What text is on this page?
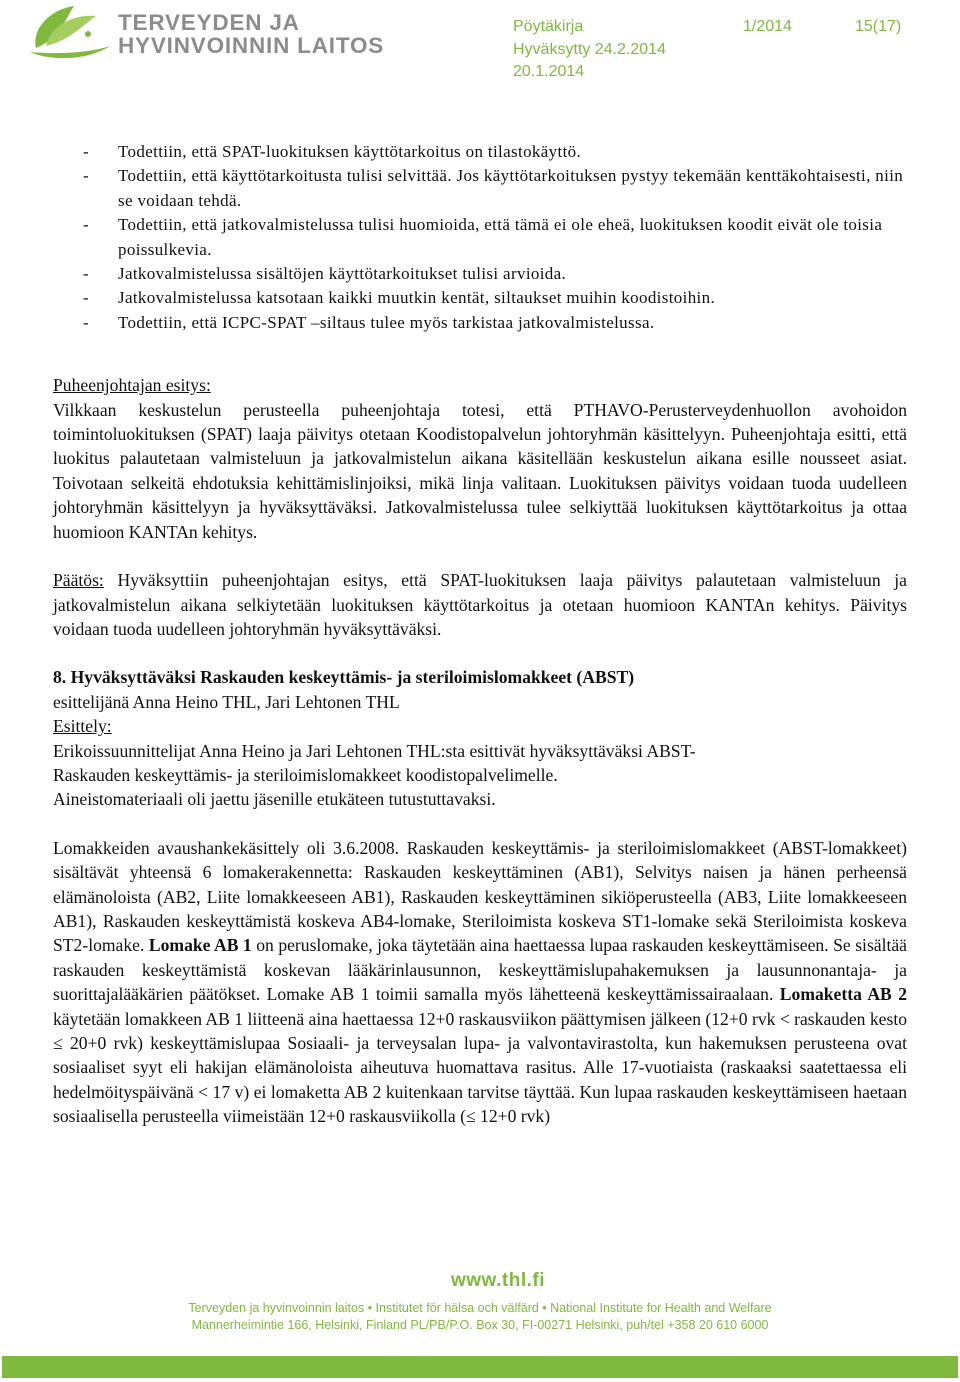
TERVEYDEN JA
HYVINVOINNIN LAITOS
Pöytäkirja
Hyväksytty 24.2.2014
20.1.2014
1/2014	15(17)
- Todettiin, että SPAT-luokituksen käyttötarkoitus on tilastokäyttö.
- Todettiin, että käyttötarkoitusta tulisi selvittää. Jos käyttötarkoituksen pystyy tekemään kenttäkohtaisesti, niin se voidaan tehdä.
- Todettiin, että jatkovalmistelussa tulisi huomioida, että tämä ei ole eheä, luokituksen koodit eivät ole toisia poissulkevia.
- Jatkovalmistelussa sisältöjen käyttötarkoitukset tulisi arvioida.
- Jatkovalmistelussa katsotaan kaikki muutkin kentät, siltaukset muihin koodistoihin.
- Todettiin, että ICPC-SPAT –siltaus tulee myös tarkistaa jatkovalmistelussa.

Puheenjohtajan esitys:
Vilkkaan keskustelun perusteella puheenjohtaja totesi, että PTHAVO-Perusterveydenhuollon avohoidon toimintoluokituksen (SPAT) laaja päivitys otetaan Koodistopalvelun johtoryhmän käsittelyyn. Puheenjohtaja esitti, että luokitus palautetaan valmisteluun ja jatkovalmistelun aikana käsitellään keskustelun aikana esille nousseet asiat. Toivotaan selkeitä ehdotuksia kehittämislinjoiksi, mikä linja valitaan. Luokituksen päivitys voidaan tuoda uudelleen johtoryhmän käsittelyyn ja hyväksyttäväksi. Jatkovalmistelussa tulee selkiyttää luokituksen käyttötarkoitus ja ottaa huomioon KANTAn kehitys.

Päätös: Hyväksyttiin puheenjohtajan esitys, että SPAT-luokituksen laaja päivitys palautetaan valmisteluun ja jatkovalmistelun aikana selkiytetään luokituksen käyttötarkoitus ja otetaan huomioon KANTAn kehitys. Päivitys voidaan tuoda uudelleen johtoryhmän hyväksyttäväksi.

8. Hyväksyttäväksi Raskauden keskeyttämis- ja steriloimislomakkeet (ABST)
esittelijänä Anna Heino THL, Jari Lehtonen THL
Esittely:
Erikoissuunnittelijat Anna Heino ja Jari Lehtonen THL:sta esittivät hyväksyttäväksi ABST-
Raskauden keskeyttämis- ja steriloimislomakkeet koodistopalvelimelle.
Aineistomateriaali oli jaettu jäsenille etukäteen tutustuttavaksi.

Lomakkeiden avaushankekäsittely oli 3.6.2008. Raskauden keskeyttämis- ja steriloimislomakkeet (ABST-lomakkeet) sisältävät yhteensä 6 lomakerakennetta: Raskauden keskeyttäminen (AB1), Selvitys naisen ja hänen perheensä elämänoloista (AB2, Liite lomakkeeseen AB1), Raskauden keskeyttäminen sikiöperusteella (AB3, Liite lomakkeeseen AB1), Raskauden keskeyttämistä koskeva AB4-lomake, Steriloimista koskeva ST1-lomake sekä Steriloimista koskeva ST2-lomake. Lomake AB 1 on peruslomake, joka täytetään aina haettaessa lupaa raskauden keskeyttämiseen. Se sisältää raskauden keskeyttämistä koskevan lääkärinlausunnon, keskeyttämislupahakemuksen ja lausunnonantaja- ja suorittajalääkärien päätökset. Lomake AB 1 toimii samalla myös lähetteenä keskeyttämissairaalaan. Lomaketta AB 2 käytetään lomakkeen AB 1 liitteenä aina haettaessa 12+0 raskausviikon päättymisen jälkeen (12+0 rvk < raskauden kesto ≤ 20+0 rvk) keskeyttämislupaa Sosiaali- ja terveysalan lupa- ja valvontavirastolta, kun hakemuksen perusteena ovat sosiaaliset syyt eli hakijan elämänoloista aiheutuva huomattava rasitus. Alle 17-vuotiaista (raskaaksi saatettaessa eli hedelmöityspäivänä < 17 v) ei lomaketta AB 2 kuitenkaan tarvitse täyttää. Kun lupaa raskauden keskeyttämiseen haetaan sosiaalisella perusteella viimeistään 12+0 raskausviikolla (≤ 12+0 rvk)

www.thl.fi
Terveyden ja hyvinvoinnin laitos • Institutet för hälsa och välfärd • National Institute for Health and Welfare
Mannerheimintie 166, Helsinki, Finland PL/PB/P.O. Box 30, FI-00271 Helsinki, puh/tel +358 20 610 6000
